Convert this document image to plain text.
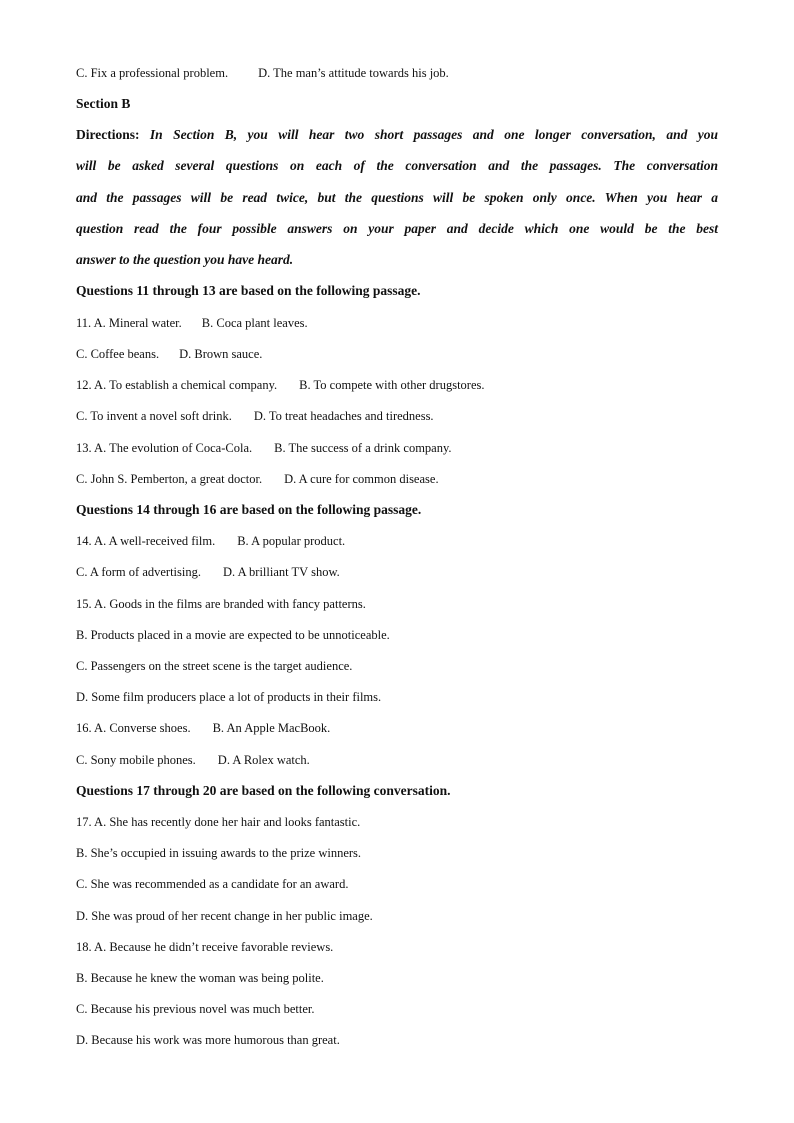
C. Fix a professional problem. D. The man’s attitude towards his job.
Section B
Directions: In Section B, you will hear two short passages and one longer conversation, and you
will be asked several questions on each of the conversation and the passages. The conversation
and the passages will be read twice, but the questions will be spoken only once. When you hear a
question read the four possible answers on your paper and decide which one would be the best
answer to the question you have heard.
Questions 11 through 13 are based on the following passage.
11. A. Mineral water. B. Coca plant leaves.
C. Coffee beans. D. Brown sauce.
12. A. To establish a chemical company. B. To compete with other drugstores.
C. To invent a novel soft drink. D. To treat headaches and tiredness.
13. A. The evolution of Coca-Cola. B. The success of a drink company.
C. John S. Pemberton, a great doctor. D. A cure for common disease.
Questions 14 through 16 are based on the following passage.
14. A. A well-received film. B. A popular product.
C. A form of advertising. D. A brilliant TV show.
15. A. Goods in the films are branded with fancy patterns.
B. Products placed in a movie are expected to be unnoticeable.
C. Passengers on the street scene is the target audience.
D. Some film producers place a lot of products in their films.
16. A. Converse shoes. B. An Apple MacBook.
C. Sony mobile phones. D. A Rolex watch.
Questions 17 through 20 are based on the following conversation.
17. A. She has recently done her hair and looks fantastic.
B. She’s occupied in issuing awards to the prize winners.
C. She was recommended as a candidate for an award.
D. She was proud of her recent change in her public image.
18. A. Because he didn’t receive favorable reviews.
B. Because he knew the woman was being polite.
C. Because his previous novel was much better.
D. Because his work was more humorous than great.
